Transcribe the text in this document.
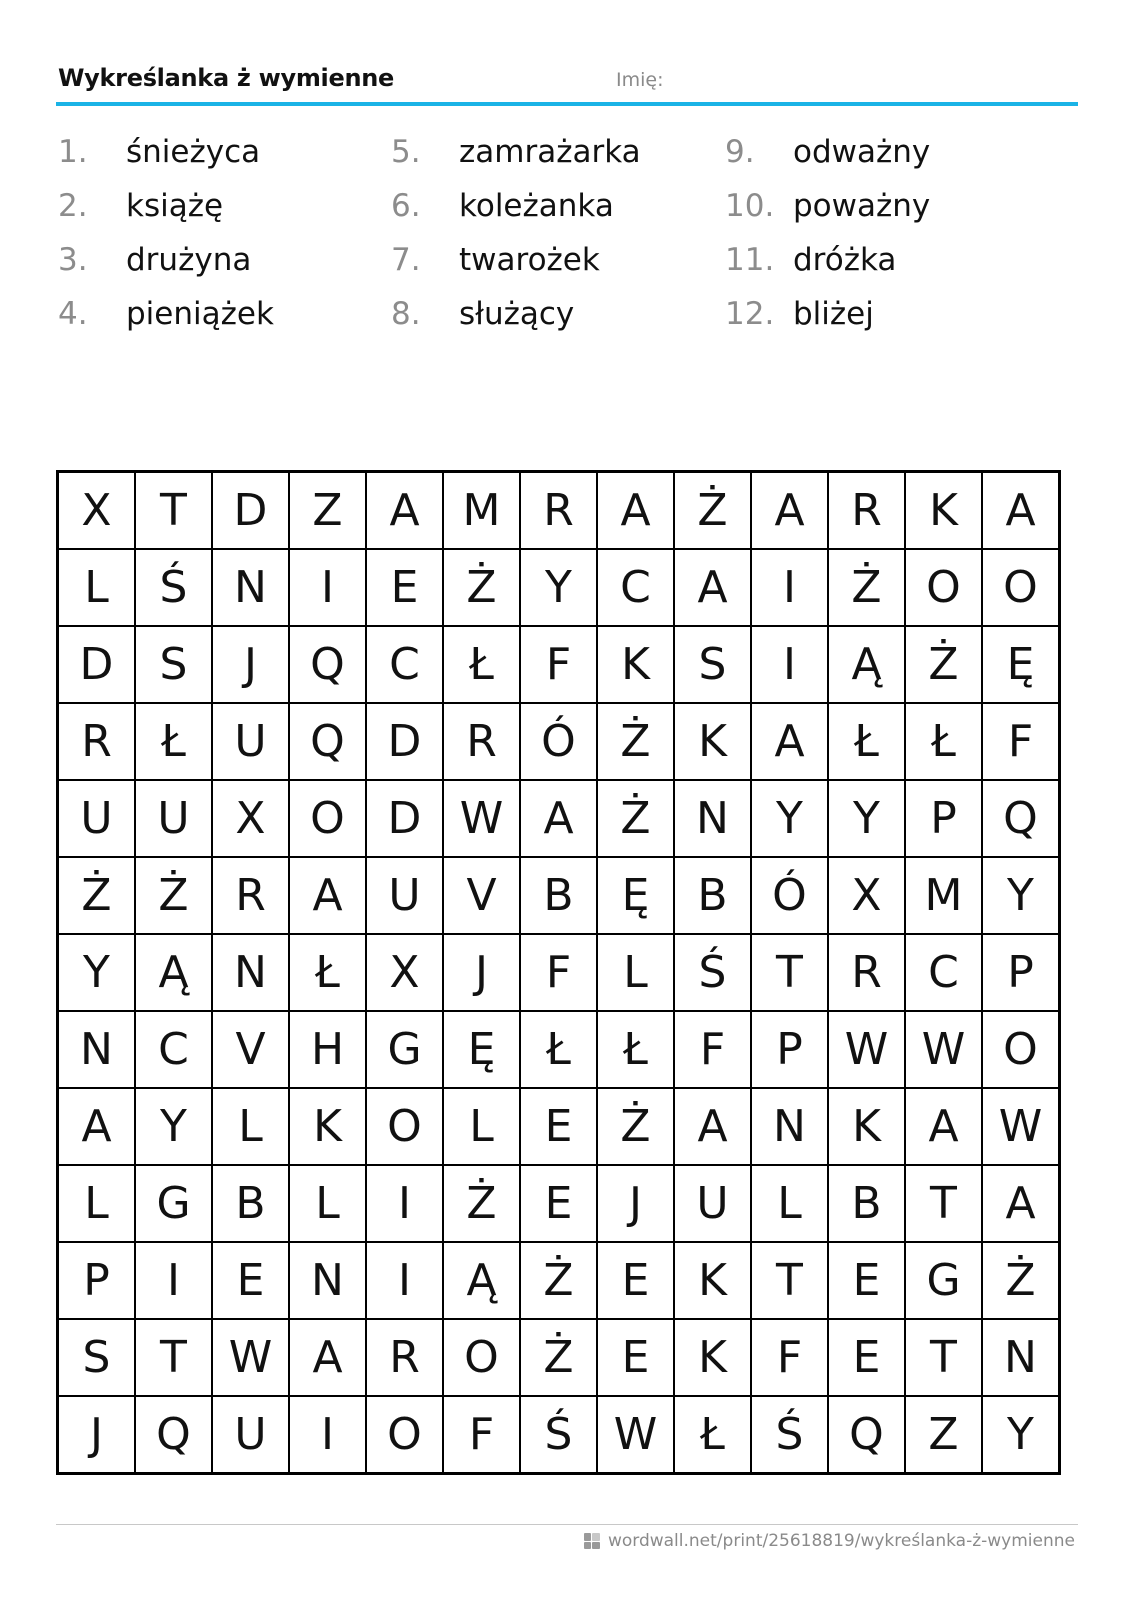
Wykreślanka ż wymienne	Imię:
1. śnieżyca
2. książę
3. drużyna
4. pieniążek
5. zamrażarka
6. koleżanka
7. twarożek
8. służący
9. odważny
10. poważny
11. dróżka
12. bliżej
X	T	D	Z	A	M	R	A	Ż	A	R	K	A
L	Ś	N	I	E	Ż	Y	C	A	I	Ż	O	O
D	S	J	Q	C	Ł	F	K	S	I	Ą	Ż	Ę
R	Ł	U	Q	D	R	Ó	Ż	K	A	Ł	Ł	F
U	U	X	O	D	W	A	Ż	N	Y	Y	P	Q
Ż	Ż	R	A	U	V	B	Ę	B	Ó	X	M	Y
Y	Ą	N	Ł	X	J	F	L	Ś	T	R	C	P
N	C	V	H	G	Ę	Ł	Ł	F	P	W	W	O
A	Y	L	K	O	L	E	Ż	A	N	K	A	W
L	G	B	L	I	Ż	E	J	U	L	B	T	A
P	I	E	N	I	Ą	Ż	E	K	T	E	G	Ż
S	T	W	A	R	O	Ż	E	K	F	E	T	N
J	Q	U	I	O	F	Ś	W	Ł	Ś	Q	Z	Y
wordwall.net/print/25618819/wykreślanka-ż-wymienne
